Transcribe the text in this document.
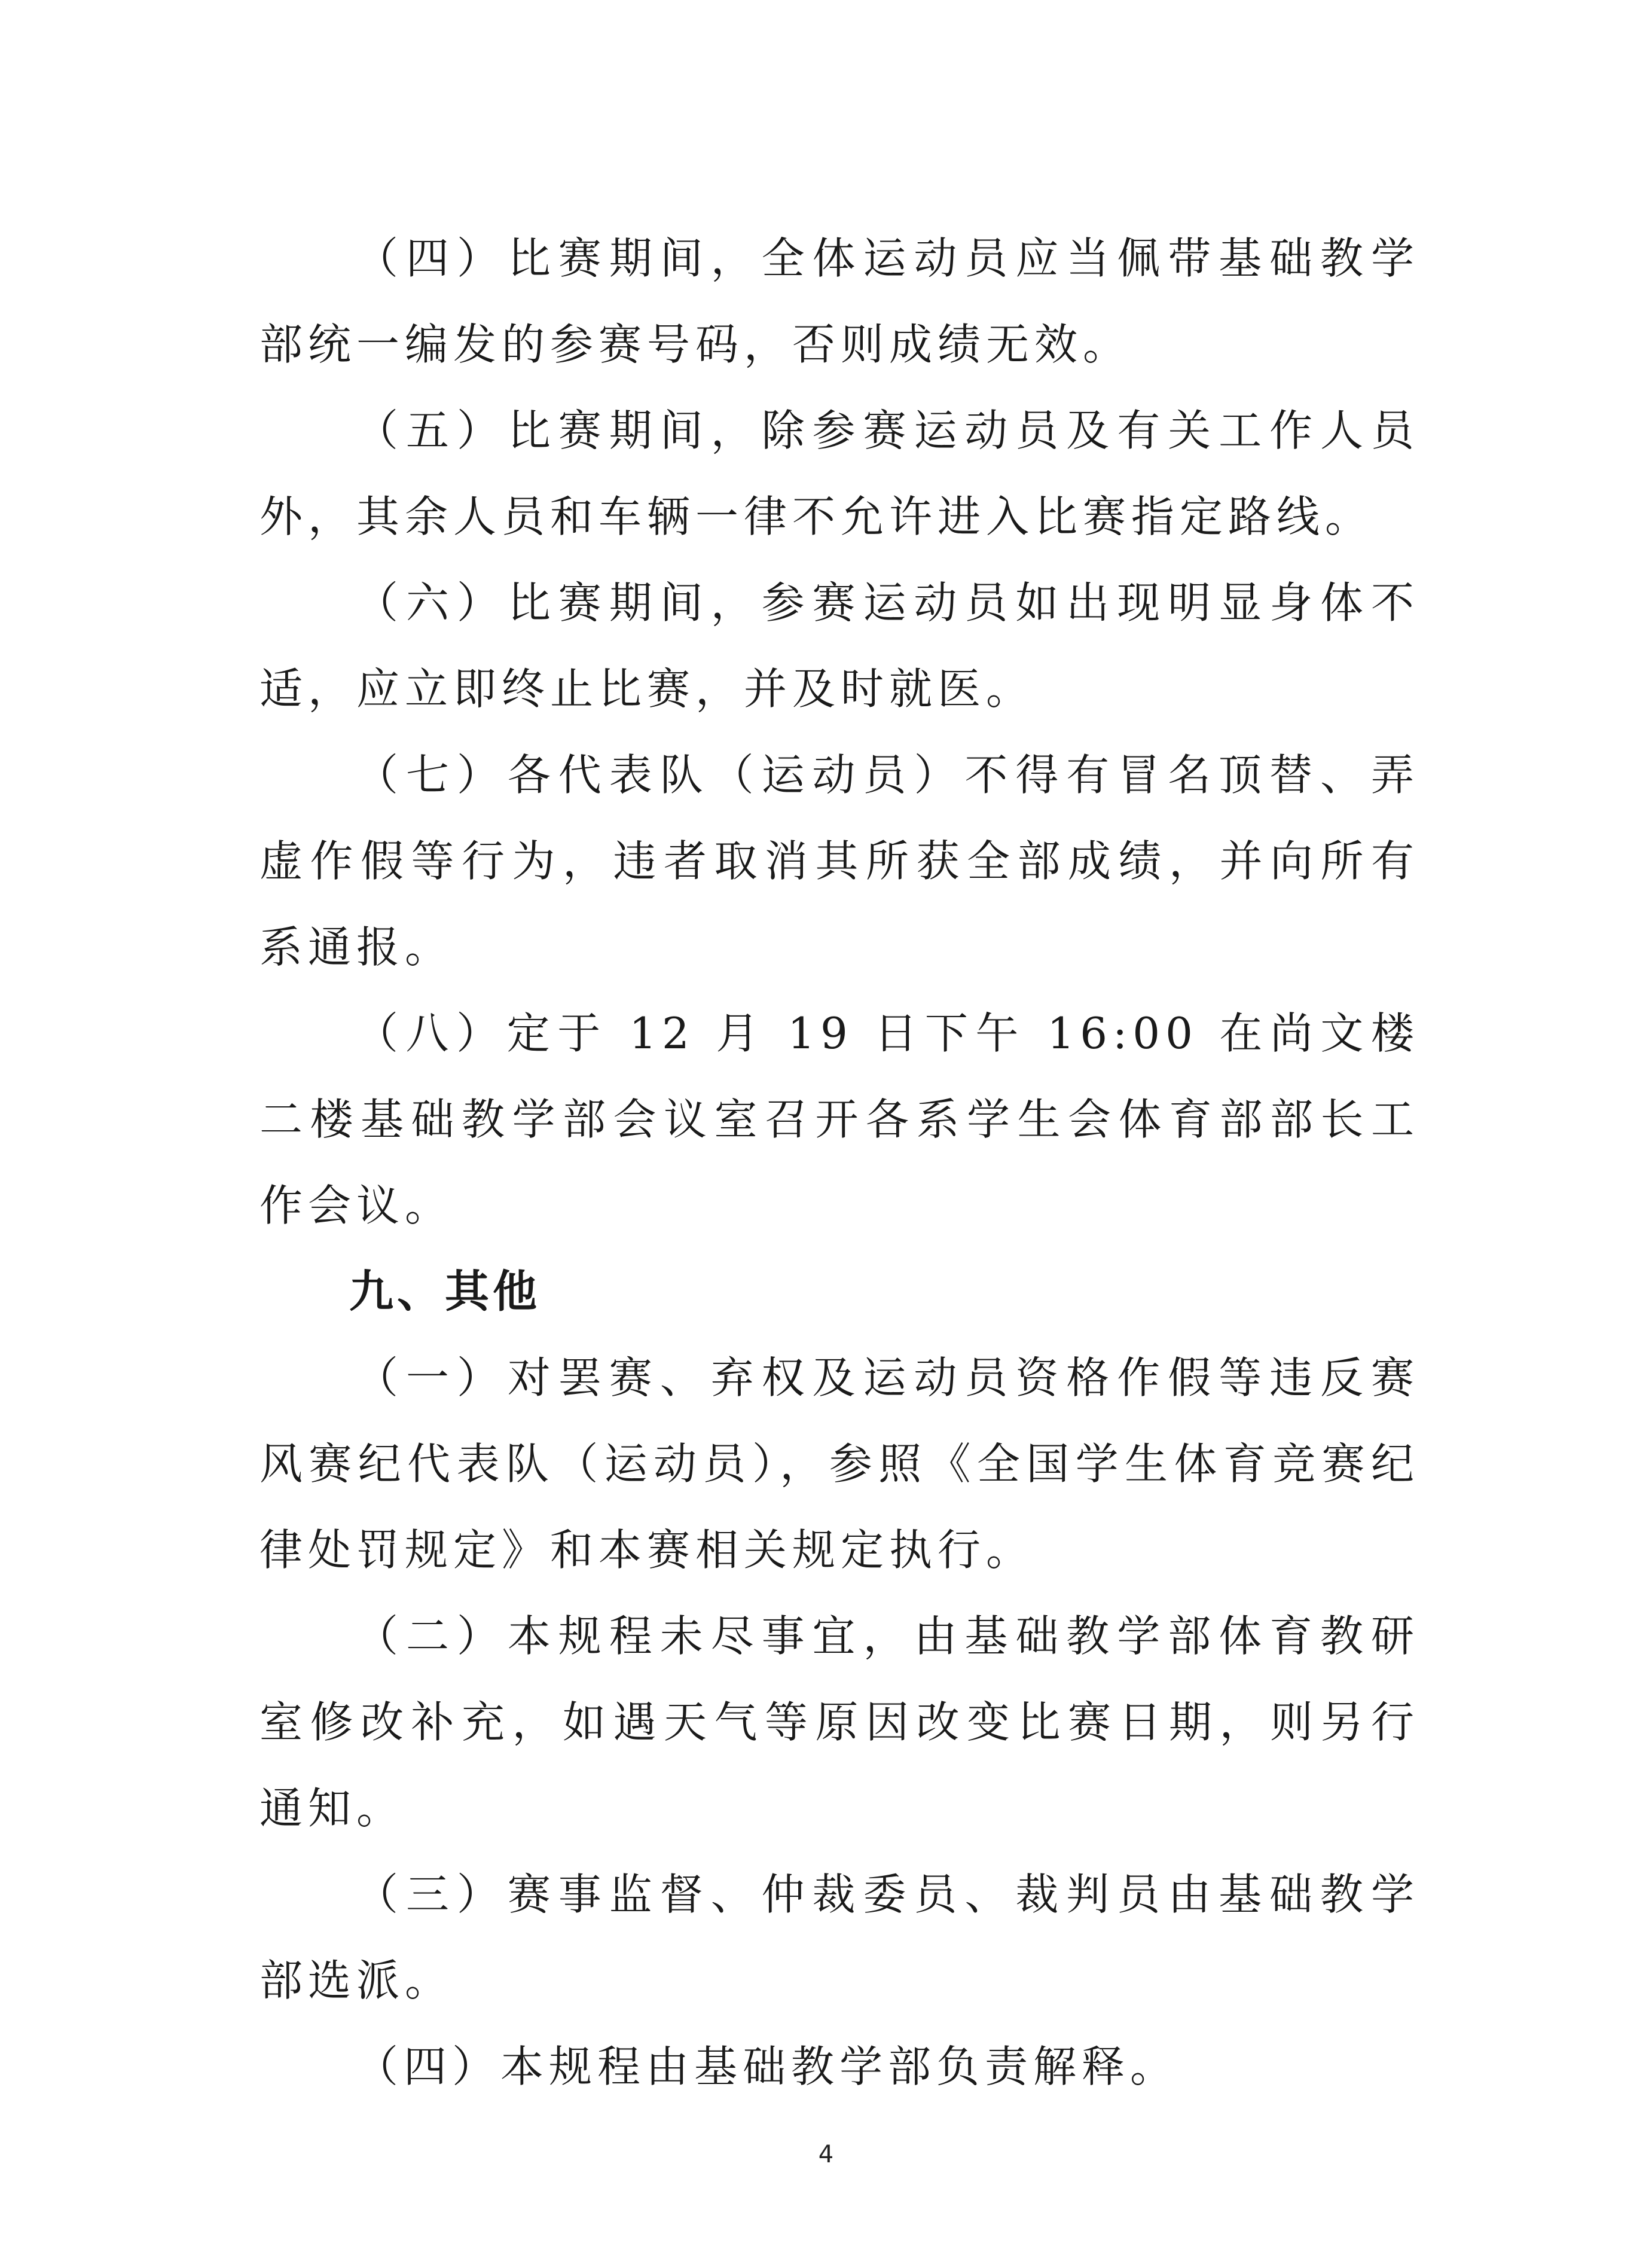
（四）比赛期间，全体运动员应当佩带基础教学部统一编发的参赛号码，否则成绩无效。

（五）比赛期间，除参赛运动员及有关工作人员外，其余人员和车辆一律不允许进入比赛指定路线。

（六）比赛期间，参赛运动员如出现明显身体不适，应立即终止比赛，并及时就医。

（七）各代表队（运动员）不得有冒名顶替、弄虚作假等行为，违者取消其所获全部成绩，并向所有系通报。

（八）定于 12 月 19 日下午 16:00 在尚文楼二楼基础教学部会议室召开各系学生会体育部部长工作会议。

九、其他

（一）对罢赛、弃权及运动员资格作假等违反赛风赛纪代表队（运动员），参照《全国学生体育竞赛纪律处罚规定》和本赛相关规定执行。

（二）本规程未尽事宜，由基础教学部体育教研室修改补充，如遇天气等原因改变比赛日期，则另行通知。

（三）赛事监督、仲裁委员、裁判员由基础教学部选派。

（四）本规程由基础教学部负责解释。

4
